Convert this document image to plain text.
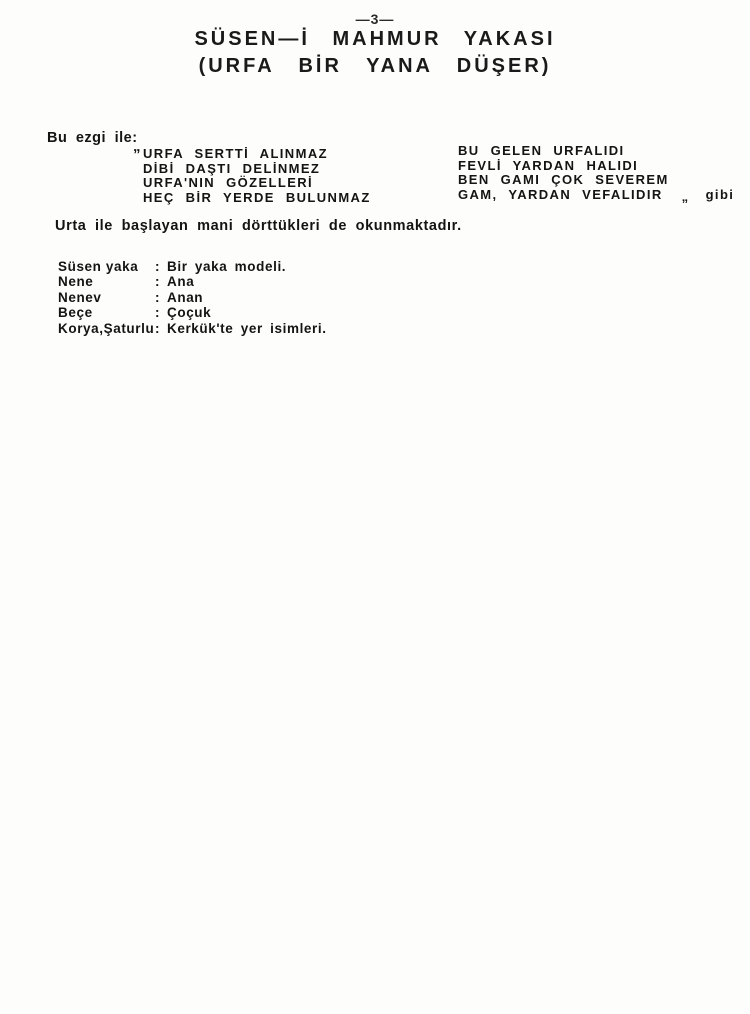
—3—
SÜSEN—İ MAHMUR YAKASI
(URFA BİR YANA DÜŞER)
Bu ezgi ile:
„ URFA SERTTİ ALINMAZ
DİBİ DAŞTI DELİNMEZ
URFA'NIN GÖZELLERİ
HEÇ BİR YERDE BULUNMAZ
BU GELEN URFALIDI
FEVLİ YARDAN HALIDI
BEN GAMI ÇOK SEVEREM
GAM, YARDAN VEFALIDIR „ gibi
Urta ile başlayan mani dörttükleri de okunmaktadır.
Süsen yaka	: Bir yaka modeli.
Nene	: Ana
Nenev	: Anan
Beçe	: Çoçuk
Korya,Şaturlu : Kerkük'te yer isimleri.
